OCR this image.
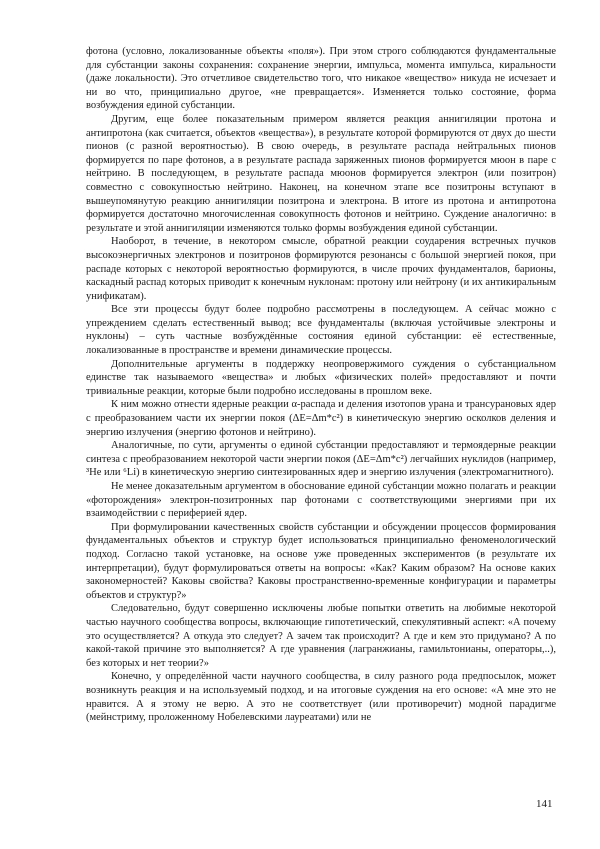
фотона (условно, локализованные объекты «поля»). При этом строго соблюдаются фундаментальные для субстанции законы сохранения: сохранение энергии, импульса, момента импульса, киральности (даже локальности). Это отчетливое свидетельство того, что никакое «вещество» никуда не исчезает и ни во что, принципиально другое, «не превращается». Изменяется только состояние, форма возбуждения единой субстанции.

Другим, еще более показательным примером является реакция аннигиляции протона и антипротона (как считается, объектов «вещества»), в результате которой формируются от двух до шести пионов (с разной вероятностью). В свою очередь, в результате распада нейтральных пионов формируется по паре фотонов, а в результате распада заряженных пионов формируется мюон в паре с нейтрино. В последующем, в результате распада мюонов формируется электрон (или позитрон) совместно с совокупностью нейтрино. Наконец, на конечном этапе все позитроны вступают в вышеупомянутую реакцию аннигиляции позитрона и электрона. В итоге из протона и антипротона формируется достаточно многочисленная совокупность фотонов и нейтрино. Суждение аналогично: в результате и этой аннигиляции изменяются только формы возбуждения единой субстанции.

Наоборот, в течение, в некотором смысле, обратной реакции соударения встречных пучков высокоэнергичных электронов и позитронов формируются резонансы с большой энергией покоя, при распаде которых с некоторой вероятностью формируются, в числе прочих фундаменталов, барионы, каскадный распад которых приводит к конечным нуклонам: протону или нейтрону (и их антикиральным унификатам).

Все эти процессы будут более подробно рассмотрены в последующем. А сейчас можно с упреждением сделать естественный вывод; все фундаменталы (включая устойчивые электроны и нуклоны) – суть частные возбуждённые состояния единой субстанции: её естественные, локализованные в пространстве и времени динамические процессы.

Дополнительные аргументы в поддержку неопровержимого суждения о субстанциальном единстве так называемого «вещества» и любых «физических полей» предоставляют и почти тривиальные реакции, которые были подробно исследованы в прошлом веке.

К ним можно отнести ядерные реакции α-распада и деления изотопов урана и трансурановых ядер с преобразованием части их энергии покоя (ΔE=Δm*c²) в кинетическую энергию осколков деления и энергию излучения (энергию фотонов и нейтрино).

Аналогичные, по сути, аргументы о единой субстанции предоставляют и термоядерные реакции синтеза с преобразованием некоторой части энергии покоя (ΔE=Δm*c²) легчайших нуклидов (например, ³He или ⁶Li) в кинетическую энергию синтезированных ядер и энергию излучения (электромагнитного).

Не менее доказательным аргументом в обоснование единой субстанции можно полагать и реакции «фоторождения» электрон-позитронных пар фотонами с соответствующими энергиями при их взаимодействии с периферией ядер.

При формулировании качественных свойств субстанции и обсуждении процессов формирования фундаментальных объектов и структур будет использоваться принципиально феноменологический подход. Согласно такой установке, на основе уже проведенных экспериментов (в результате их интерпретации), будут формулироваться ответы на вопросы: «Как? Каким образом? На основе каких закономерностей? Каковы свойства? Каковы пространственно-временные конфигурации и параметры объектов и структур?»

Следовательно, будут совершенно исключены любые попытки ответить на любимые некоторой частью научного сообщества вопросы, включающие гипотетический, спекулятивный аспект: «А почему это осуществляется? А откуда это следует? А зачем так происходит? А где и кем это придумано? А по какой-такой причине это выполняется? А где уравнения (лагранжианы, гамильтонианы, операторы,..), без которых и нет теории?»

Конечно, у определённой части научного сообщества, в силу разного рода предпосылок, может возникнуть реакция и на используемый подход, и на итоговые суждения на его основе: «А мне это не нравится. А я этому не верю. А это не соответствует (или противоречит) модной парадигме (мейнстриму, проложенному Нобелевскими лауреатами) или не

141
